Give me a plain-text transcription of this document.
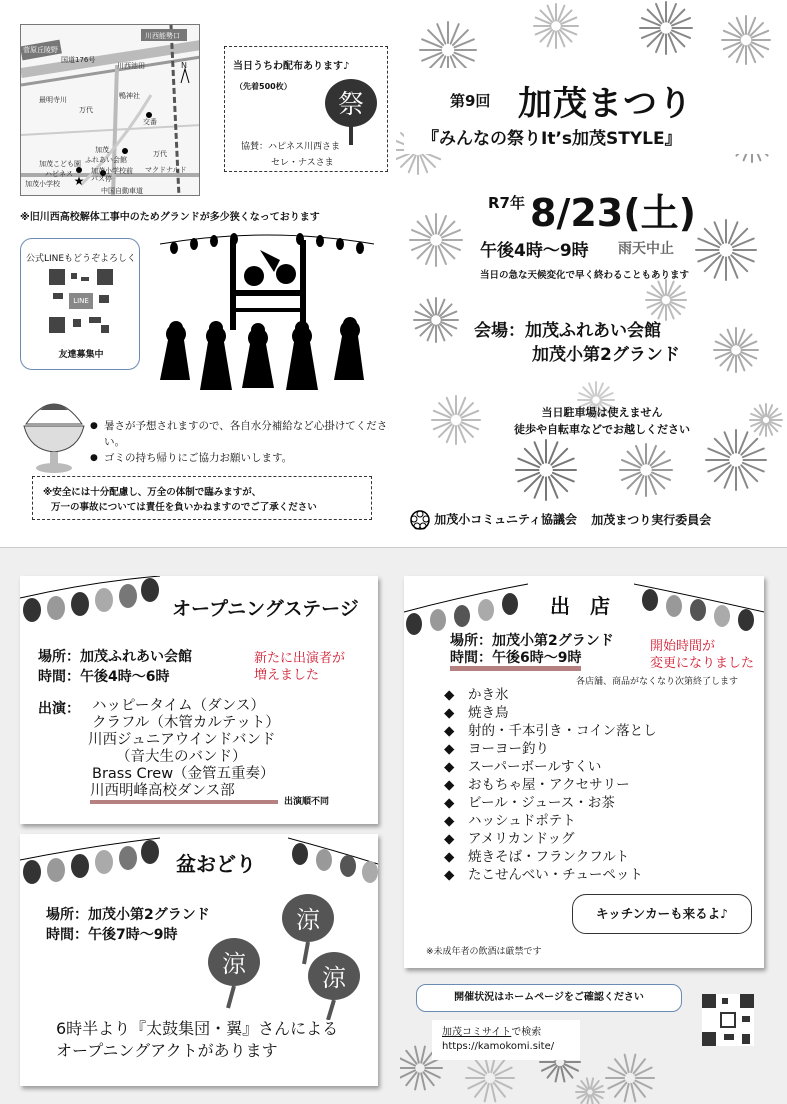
★
菅原丘陵野
川西能勢口
国道176号
川西池田
最明寺川
万代
鴨神社
交番
加茂
ふれあい会館
加茂こども園
万代
マクドナルド
ハピネス
加茂小学校
加茂小学校前バス停
中国自動車道
N	当日うちわ配布あります♪
（先着500枚）
祭
協賛：ハピネス川西さま
セレ・ナスさま
※旧川西高校解体工事中のためグランドが多少狭くなっております
公式LINEもどうぞよろしく
LINE
友達募集中
● 暑さが予想されますので、各自水分補給など心掛けてください。
● ゴミの持ち帰りにご協力お願いします。
※安全には十分配慮し、万全の体制で臨みますが、
万一の事故については責任を負いかねますのでご了承ください
第9回 加茂まつり
『みんなの祭りIt’s加茂STYLE』
R7年 8/23(土)
午後4時〜9時 雨天中止
当日の急な天候変化で早く終わることもあります
会場：加茂ふれあい会館
加茂小第2グランド
当日駐車場は使えません
徒歩や自転車などでお越しください
加茂小コミュニティ協議会 加茂まつり実行委員会
オープニングステージ
場所：加茂ふれあい会館
時間：午後4時〜6時
新たに出演者が
増えました
出演： ハッピータイム（ダンス）
クラフル（木管カルテット）
川西ジュニアウインドバンド
（音大生のバンド）
Brass Crew（金管五重奏）
川西明峰高校ダンス部
出演順不同
盆おどり
場所：加茂小第2グランド
時間：午後7時〜9時
涼
涼	涼
6時半より『太鼓集団・翼』さんによる
オープニングアクトがあります
出　店
場所：加茂小第2グランド
時間：午後6時〜9時
開始時間が
変更になりました
各店舗、商品がなくなり次第終了します
◆ かき氷
◆ 焼き鳥
◆ 射的・千本引き・コイン落とし
◆ ヨーヨー釣り
◆ スーパーボールすくい
◆ おもちゃ屋・アクセサリー
◆ ビール・ジュース・お茶
◆ ハッシュドポテト
◆ アメリカンドッグ
◆ 焼きそば・フランクフルト
◆ たこせんべい・チューペット
キッチンカーも来るよ♪
※未成年者の飲酒は厳禁です
開催状況はホームページをご確認ください
加茂コミサイトで検索
https://kamokomi.site/
